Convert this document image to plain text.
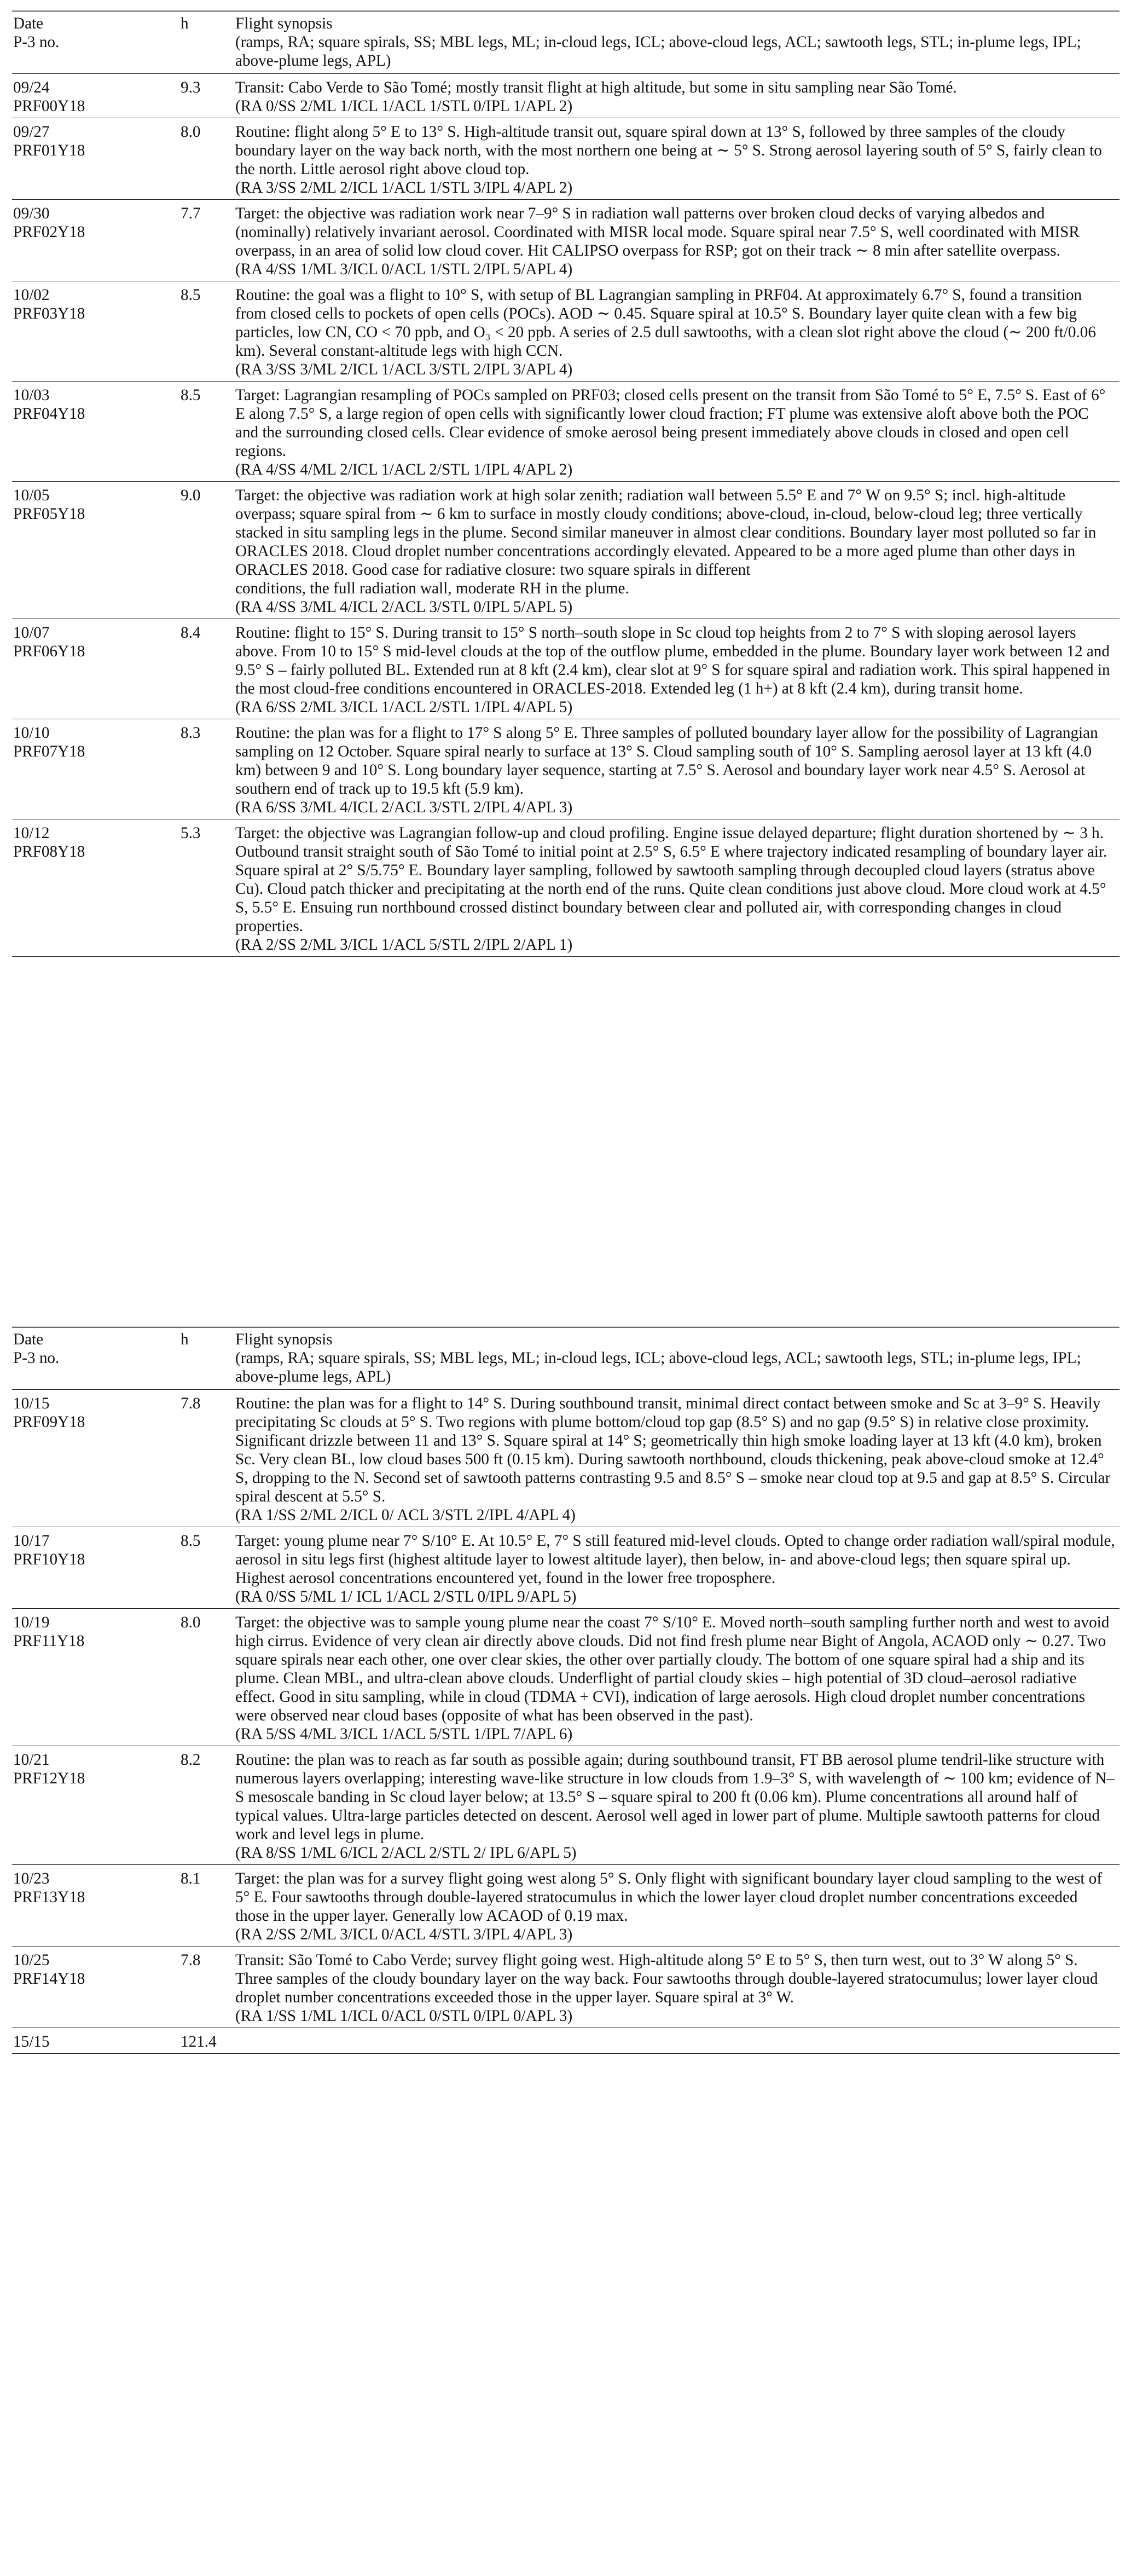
Date
P-3 no.	h	Flight synopsis
(ramps, RA; square spirals, SS; MBL legs, ML; in-cloud legs, ICL; above-cloud legs, ACL; sawtooth legs, STL; in-plume legs, IPL; above-plume legs, APL)

09/24
PRF00Y18	9.3	Transit: Cabo Verde to São Tomé; mostly transit flight at high altitude, but some in situ sampling near São Tomé.
(RA 0/SS 2/ML 1/ICL 1/ACL 1/STL 0/IPL 1/APL 2)

09/27
PRF01Y18	8.0	Routine: flight along 5° E to 13° S. High-altitude transit out, square spiral down at 13° S, followed by three samples of the cloudy boundary layer on the way back north, with the most northern one being at ∼ 5° S. Strong aerosol layering south of 5° S, fairly clean to the north. Little aerosol right above cloud top.
(RA 3/SS 2/ML 2/ICL 1/ACL 1/STL 3/IPL 4/APL 2)

09/30
PRF02Y18	7.7	Target: the objective was radiation work near 7–9° S in radiation wall patterns over broken cloud decks of varying albedos and (nominally) relatively invariant aerosol. Coordinated with MISR local mode. Square spiral near 7.5° S, well coordinated with MISR overpass, in an area of solid low cloud cover. Hit CALIPSO overpass for RSP; got on their track ∼ 8 min after satellite overpass.
(RA 4/SS 1/ML 3/ICL 0/ACL 1/STL 2/IPL 5/APL 4)

10/02
PRF03Y18	8.5	Routine: the goal was a flight to 10° S, with setup of BL Lagrangian sampling in PRF04. At approximately 6.7° S, found a transition from closed cells to pockets of open cells (POCs). AOD ∼ 0.45. Square spiral at 10.5° S. Boundary layer quite clean with a few big particles, low CN, CO < 70 ppb, and O₃ < 20 ppb. A series of 2.5 dull sawtooths, with a clean slot right above the cloud (∼ 200 ft/0.06 km). Several constant-altitude legs with high CCN.
(RA 3/SS 3/ML 2/ICL 1/ACL 3/STL 2/IPL 3/APL 4)

10/03
PRF04Y18	8.5	Target: Lagrangian resampling of POCs sampled on PRF03; closed cells present on the transit from São Tomé to 5° E, 7.5° S. East of 6° E along 7.5° S, a large region of open cells with significantly lower cloud fraction; FT plume was extensive aloft above both the POC and the surrounding closed cells. Clear evidence of smoke aerosol being present immediately above clouds in closed and open cell regions.
(RA 4/SS 4/ML 2/ICL 1/ACL 2/STL 1/IPL 4/APL 2)

10/05
PRF05Y18	9.0	Target: the objective was radiation work at high solar zenith; radiation wall between 5.5° E and 7° W on 9.5° S; incl. high-altitude overpass; square spiral from ∼ 6 km to surface in mostly cloudy conditions; above-cloud, in-cloud, below-cloud leg; three vertically stacked in situ sampling legs in the plume. Second similar maneuver in almost clear conditions. Boundary layer most polluted so far in ORACLES 2018. Cloud droplet number concentrations accordingly elevated. Appeared to be a more aged plume than other days in ORACLES 2018. Good case for radiative closure: two square spirals in different
conditions, the full radiation wall, moderate RH in the plume.
(RA 4/SS 3/ML 4/ICL 2/ACL 3/STL 0/IPL 5/APL 5)

10/07
PRF06Y18	8.4	Routine: flight to 15° S. During transit to 15° S north–south slope in Sc cloud top heights from 2 to 7° S with sloping aerosol layers above. From 10 to 15° S mid-level clouds at the top of the outflow plume, embedded in the plume. Boundary layer work between 12 and 9.5° S – fairly polluted BL. Extended run at 8 kft (2.4 km), clear slot at 9° S for square spiral and radiation work. This spiral happened in the most cloud-free conditions encountered in ORACLES-2018. Extended leg (1 h+) at 8 kft (2.4 km), during transit home.
(RA 6/SS 2/ML 3/ICL 1/ACL 2/STL 1/IPL 4/APL 5)

10/10
PRF07Y18	8.3	Routine: the plan was for a flight to 17° S along 5° E. Three samples of polluted boundary layer allow for the possibility of Lagrangian sampling on 12 October. Square spiral nearly to surface at 13° S. Cloud sampling south of 10° S. Sampling aerosol layer at 13 kft (4.0 km) between 9 and 10° S. Long boundary layer sequence, starting at 7.5° S. Aerosol and boundary layer work near 4.5° S. Aerosol at southern end of track up to 19.5 kft (5.9 km).
(RA 6/SS 3/ML 4/ICL 2/ACL 3/STL 2/IPL 4/APL 3)

10/12
PRF08Y18	5.3	Target: the objective was Lagrangian follow-up and cloud profiling. Engine issue delayed departure; flight duration shortened by ∼ 3 h. Outbound transit straight south of São Tomé to initial point at 2.5° S, 6.5° E where trajectory indicated resampling of boundary layer air. Square spiral at 2° S/5.75° E. Boundary layer sampling, followed by sawtooth sampling through decoupled cloud layers (stratus above Cu). Cloud patch thicker and precipitating at the north end of the runs. Quite clean conditions just above cloud. More cloud work at 4.5° S, 5.5° E. Ensuing run northbound crossed distinct boundary between clear and polluted air, with corresponding changes in cloud properties.
(RA 2/SS 2/ML 3/ICL 1/ACL 5/STL 2/IPL 2/APL 1)
Date
P-3 no.	h	Flight synopsis
(ramps, RA; square spirals, SS; MBL legs, ML; in-cloud legs, ICL; above-cloud legs, ACL; sawtooth legs, STL; in-plume legs, IPL; above-plume legs, APL)

10/15
PRF09Y18	7.8	Routine: the plan was for a flight to 14° S. During southbound transit, minimal direct contact between smoke and Sc at 3–9° S. Heavily precipitating Sc clouds at 5° S. Two regions with plume bottom/cloud top gap (8.5° S) and no gap (9.5° S) in relative close proximity. Significant drizzle between 11 and 13° S. Square spiral at 14° S; geometrically thin high smoke loading layer at 13 kft (4.0 km), broken Sc. Very clean BL, low cloud bases 500 ft (0.15 km). During sawtooth northbound, clouds thickening, peak above-cloud smoke at 12.4° S, dropping to the N. Second set of sawtooth patterns contrasting 9.5 and 8.5° S – smoke near cloud top at 9.5 and gap at 8.5° S. Circular spiral descent at 5.5° S.
(RA 1/SS 2/ML 2/ICL 0/ ACL 3/STL 2/IPL 4/APL 4)

10/17
PRF10Y18	8.5	Target: young plume near 7° S/10° E. At 10.5° E, 7° S still featured mid-level clouds. Opted to change order radiation wall/spiral module, aerosol in situ legs first (highest altitude layer to lowest altitude layer), then below, in- and above-cloud legs; then square spiral up. Highest aerosol concentrations encountered yet, found in the lower free troposphere.
(RA 0/SS 5/ML 1/ ICL 1/ACL 2/STL 0/IPL 9/APL 5)

10/19
PRF11Y18	8.0	Target: the objective was to sample young plume near the coast 7° S/10° E. Moved north–south sampling further north and west to avoid high cirrus. Evidence of very clean air directly above clouds. Did not find fresh plume near Bight of Angola, ACAOD only ∼ 0.27. Two square spirals near each other, one over clear skies, the other over partially cloudy. The bottom of one square spiral had a ship and its plume. Clean MBL, and ultra-clean above clouds. Underflight of partial cloudy skies – high potential of 3D cloud–aerosol radiative effect. Good in situ sampling, while in cloud (TDMA + CVI), indication of large aerosols. High cloud droplet number concentrations were observed near cloud bases (opposite of what has been observed in the past).
(RA 5/SS 4/ML 3/ICL 1/ACL 5/STL 1/IPL 7/APL 6)

10/21
PRF12Y18	8.2	Routine: the plan was to reach as far south as possible again; during southbound transit, FT BB aerosol plume tendril-like structure with numerous layers overlapping; interesting wave-like structure in low clouds from 1.9–3° S, with wavelength of ∼ 100 km; evidence of N–S mesoscale banding in Sc cloud layer below; at 13.5° S – square spiral to 200 ft (0.06 km). Plume concentrations all around half of typical values. Ultra-large particles detected on descent. Aerosol well aged in lower part of plume. Multiple sawtooth patterns for cloud work and level legs in plume.
(RA 8/SS 1/ML 6/ICL 2/ACL 2/STL 2/ IPL 6/APL 5)

10/23
PRF13Y18	8.1	Target: the plan was for a survey flight going west along 5° S. Only flight with significant boundary layer cloud sampling to the west of 5° E. Four sawtooths through double-layered stratocumulus in which the lower layer cloud droplet number concentrations exceeded those in the upper layer. Generally low ACAOD of 0.19 max.
(RA 2/SS 2/ML 3/ICL 0/ACL 4/STL 3/IPL 4/APL 3)

10/25
PRF14Y18	7.8	Transit: São Tomé to Cabo Verde; survey flight going west. High-altitude along 5° E to 5° S, then turn west, out to 3° W along 5° S. Three samples of the cloudy boundary layer on the way back. Four sawtooths through double-layered stratocumulus; lower layer cloud droplet number concentrations exceeded those in the upper layer. Square spiral at 3° W.
(RA 1/SS 1/ML 1/ICL 0/ACL 0/STL 0/IPL 0/APL 3)

15/15	121.4	
